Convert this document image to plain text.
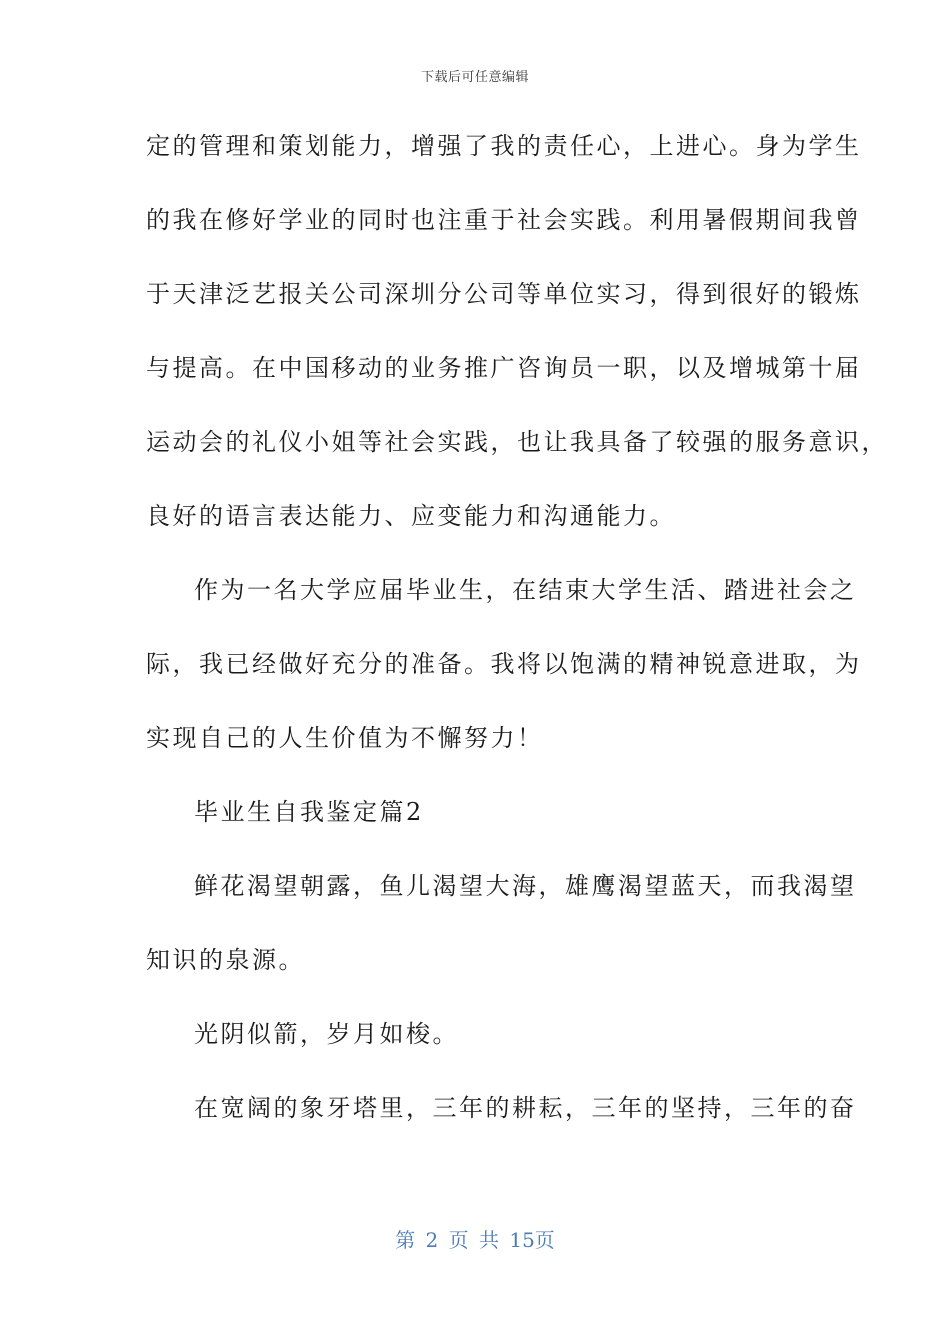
下载后可任意编辑
定的管理和策划能力，增强了我的责任心，上进心。身为学生
的我在修好学业的同时也注重于社会实践。利用暑假期间我曾
于天津泛艺报关公司深圳分公司等单位实习，得到很好的锻炼
与提高。在中国移动的业务推广咨询员一职，以及增城第十届
运动会的礼仪小姐等社会实践，也让我具备了较强的服务意识，
良好的语言表达能力、应变能力和沟通能力。
作为一名大学应届毕业生，在结束大学生活、踏进社会之
际，我已经做好充分的准备。我将以饱满的精神锐意进取，为
实现自己的人生价值为不懈努力！
毕业生自我鉴定篇2
鲜花渴望朝露，鱼儿渴望大海，雄鹰渴望蓝天，而我渴望
知识的泉源。
光阴似箭，岁月如梭。
在宽阔的象牙塔里，三年的耕耘，三年的坚持，三年的奋
第 2 页 共 15页
